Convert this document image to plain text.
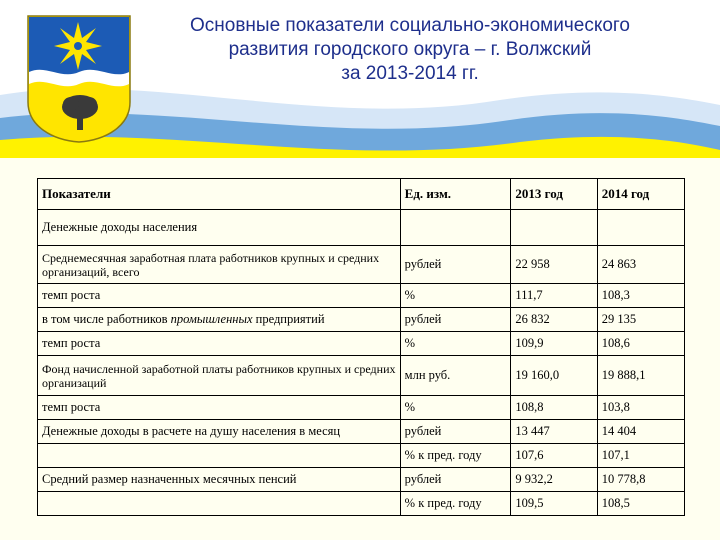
Основные показатели социально-экономического
развития городского округа – г. Волжский
за 2013-2014 гг.
Показатели	Ед. изм.	2013 год	2014 год
Денежные доходы населения			
Среднемесячная заработная плата работников крупных и средних организаций, всего	рублей	22 958	24 863
темп роста	%	111,7	108,3
в том числе работников промышленных предприятий	рублей	26 832	29 135
темп роста	%	109,9	108,6
Фонд начисленной заработной платы работников крупных и средних организаций	млн руб.	19 160,0	19 888,1
темп роста	%	108,8	103,8
Денежные доходы в расчете на душу населения в месяц	рублей	13 447	14 404
	% к пред. году	107,6	107,1
Средний размер назначенных месячных пенсий	рублей	9 932,2	10 778,8
	% к пред. году	109,5	108,5
